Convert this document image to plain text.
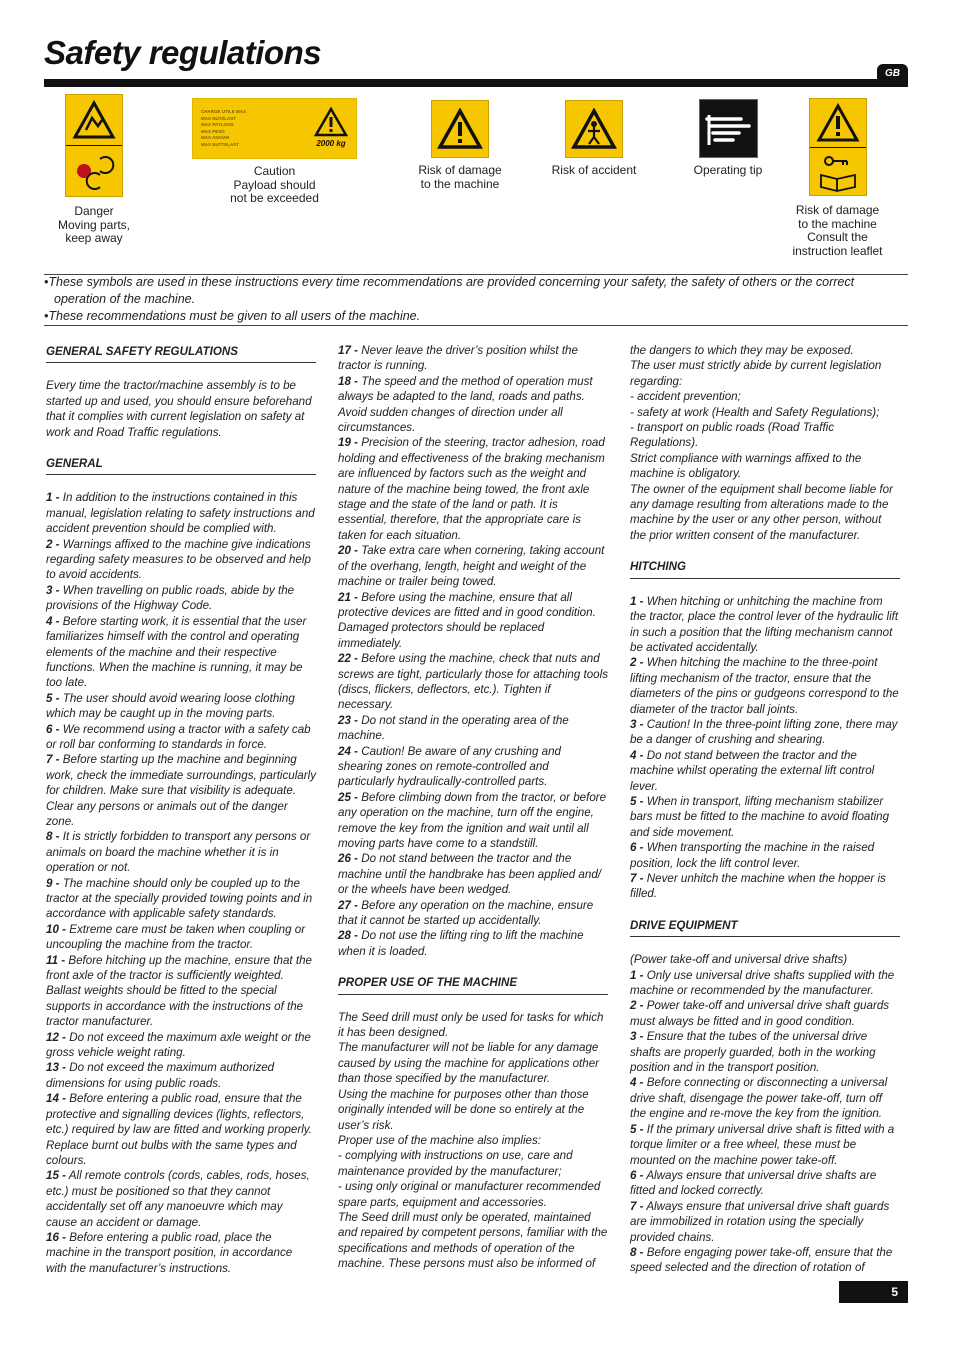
Safety regulations
GB
Danger
Moving parts,
keep away
CHARGE UTILE MAX
MAX NUTZLAST
MAX PAYLOAD
MAX PESO
MAX ANVIAR
MAX NUTTELAST	2000 kg
Caution
Payload should
not be exceeded
Risk of damage
to the machine
Risk of accident	Operating tip
Risk of damage
to the machine
Consult the
instruction leaflet

•These symbols are used in these instructions every time recommendations are provided concerning your safety, the safety of others or the correct operation of the machine.

•These recommendations must be given to all users of the machine.

GENERAL SAFETY REGULATIONS

Every time the tractor/machine assembly is to be started up and used, you should ensure beforehand that it complies with current legislation on safety at work and Road Traffic regulations.

GENERAL

1 - In addition to the instructions contained in this manual, legislation relating to safety instructions and accident prevention should be complied with.

2 - Warnings affixed to the machine give indications regarding safety measures to be observed and help to avoid accidents.

3 - When travelling on public roads, abide by the provisions of the Highway Code.

4 - Before starting work, it is essential that the user familiarizes himself with the control and operating elements of the machine and their respective functions. When the machine is running, it may be too late.

5 - The user should avoid wearing loose clothing which may be caught up in the moving parts.

6 - We recommend using a tractor with a safety cab or roll bar conforming to standards in force.

7 - Before starting up the machine and beginning work, check the immediate surroundings, particularly for children. Make sure that visibility is adequate. Clear any persons or animals out of the danger zone.

8 - It is strictly forbidden to transport any persons or animals on board the machine whether it is in operation or not.

9 - The machine should only be coupled up to the tractor at the specially provided towing points and in accordance with applicable safety standards.

10 - Extreme care must be taken when coupling or uncoupling the machine from the tractor.

11 - Before hitching up the machine, ensure that the front axle of the tractor is sufficiently weighted. Ballast weights should be fitted to the special supports in accordance with the instructions of the tractor manufacturer.

12 - Do not exceed the maximum axle weight or the gross vehicle weight rating.

13 - Do not exceed the maximum authorized dimensions for using public roads.

14 - Before entering a public road, ensure that the protective and signalling devices (lights, reflectors, etc.) required by law are fitted and working properly. Replace burnt out bulbs with the same types and colours.

15 - All remote controls (cords, cables, rods, hoses, etc.) must be positioned so that they cannot accidentally set off any manoeuvre which may cause an accident or damage.

16 - Before entering a public road, place the machine in the transport position, in accordance with the manufacturer’s instructions.

17 - Never leave the driver’s position whilst the tractor is running.

18 - The speed and the method of operation must always be adapted to the land, roads and paths. Avoid sudden changes of direction under all circumstances.

19 - Precision of the steering, tractor adhesion, road holding and effectiveness of the braking mechanism are influenced by factors such as the weight and nature of the machine being towed, the front axle stage and the state of the land or path. It is essential, therefore, that the appropriate care is taken for each situation.

20 - Take extra care when cornering, taking account of the overhang, length, height and weight of the machine or trailer being towed.

21 - Before using the machine, ensure that all protective devices are fitted and in good condition. Damaged protectors should be replaced immediately.

22 - Before using the machine, check that nuts and screws are tight, particularly those for attaching tools (discs, flickers, deflectors, etc.). Tighten if necessary.

23 - Do not stand in the operating area of the machine.

24 - Caution! Be aware of any crushing and shearing zones on remote-controlled and particularly hydraulically-controlled parts.

25 - Before climbing down from the tractor, or before any operation on the machine, turn off the engine, remove the key from the ignition and wait until all moving parts have come to a standstill.

26 - Do not stand between the tractor and the machine until the handbrake has been applied and/ or the wheels have been wedged.

27 - Before any operation on the machine, ensure that it cannot be started up accidentally.

28 - Do not use the lifting ring to lift the machine when it is loaded.

PROPER USE OF THE MACHINE

The Seed drill must only be used for tasks for which it has been designed.

The manufacturer will not be liable for any damage caused by using the machine for applications other than those specified by the manufacturer.

Using the machine for purposes other than those originally intended will be done so entirely at the user’s risk.

Proper use of the machine also implies:

- complying with instructions on use, care and maintenance provided by the manufacturer;

- using only original or manufacturer recommended spare parts, equipment and accessories.

The Seed drill must only be operated, maintained and repaired by competent persons, familiar with the specifications and methods of operation of the machine. These persons must also be informed of

the dangers to which they may be exposed.

The user must strictly abide by current legislation regarding:

- accident prevention;

- safety at work (Health and Safety Regulations);

- transport on public roads (Road Traffic Regulations).

Strict compliance with warnings affixed to the machine is obligatory.

The owner of the equipment shall become liable for any damage resulting from alterations made to the machine by the user or any other person, without the prior written consent of the manufacturer.

HITCHING

1 - When hitching or unhitching the machine from the tractor, place the control lever of the hydraulic lift in such a position that the lifting mechanism cannot be activated accidentally.

2 - When hitching the machine to the three-point lifting mechanism of the tractor, ensure that the diameters of the pins or gudgeons correspond to the diameter of the tractor ball joints.

3 - Caution! In the three-point lifting zone, there may be a danger of crushing and shearing.

4 - Do not stand between the tractor and the machine whilst operating the external lift control lever.

5 - When in transport, lifting mechanism stabilizer bars must be fitted to the machine to avoid floating and side movement.

6 - When transporting the machine in the raised position, lock the lift control lever.

7 - Never unhitch the machine when the hopper is filled.

DRIVE EQUIPMENT

(Power take-off and universal drive shafts)

1 - Only use universal drive shafts supplied with the machine or recommended by the manufacturer.

2 - Power take-off and universal drive shaft guards must always be fitted and in good condition.

3 - Ensure that the tubes of the universal drive shafts are properly guarded, both in the working position and in the transport position.

4 - Before connecting or disconnecting a universal drive shaft, disengage the power take-off, turn off the engine and re-move the key from the ignition.

5 - If the primary universal drive shaft is fitted with a torque limiter or a free wheel, these must be mounted on the machine power take-off.

6 - Always ensure that universal drive shafts are fitted and locked correctly.

7 - Always ensure that universal drive shaft guards are immobilized in rotation using the specially provided chains.

8 - Before engaging power take-off, ensure that the speed selected and the direction of rotation of

5
